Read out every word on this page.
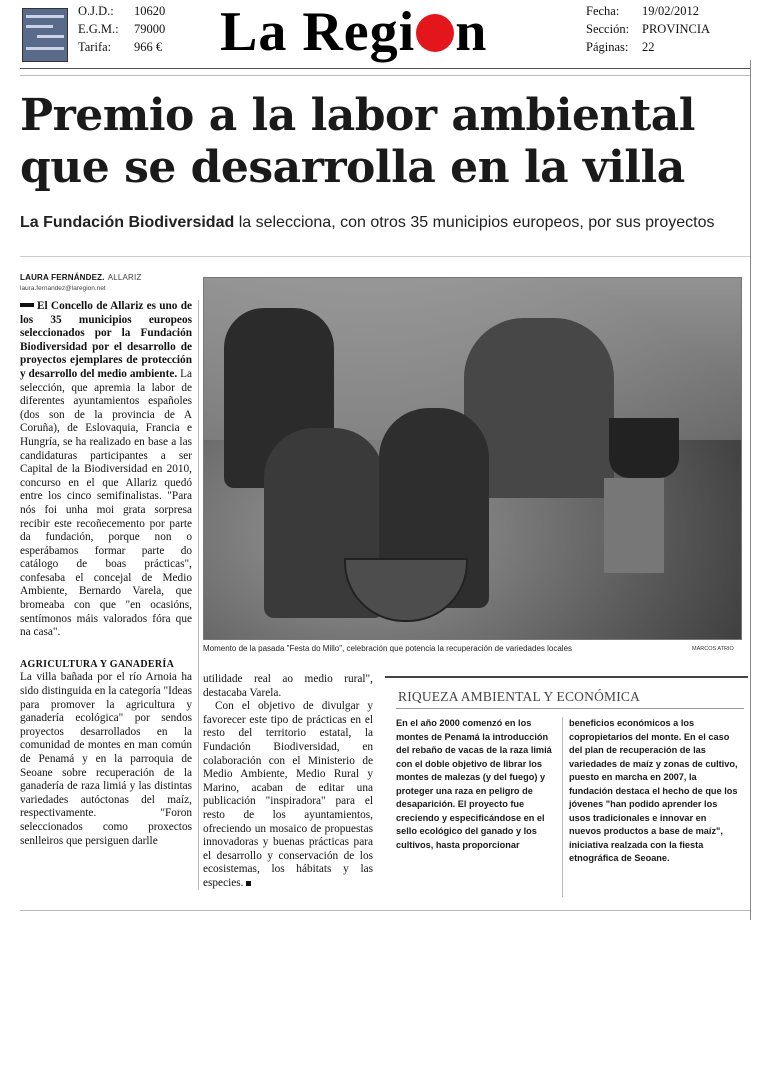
O.J.D.: 10620
E.G.M.: 79000
Tarifa: 966 € La Regi n	Fecha: 19/02/2012
Sección: PROVINCIA
Páginas: 22
Premio a la labor ambiental
que se desarrolla en la villa
La Fundación Biodiversidad la selecciona, con otros 35 municipios europeos, por sus proyectos
LAURA FERNÁNDEZ. ALLARIZ
laura.fernandez@laregion.net

El Concello de Allariz es uno de los 35 municipios europeos seleccionados por la Fundación Biodiversidad por el desarrollo de proyectos ejemplares de protección y desarrollo del medio ambiente. La selección, que apremia la labor de diferentes ayuntamientos españoles (dos son de la provincia de A Coruña), de Eslovaquia, Francia e Hungría, se ha realizado en base a las candidaturas participantes a ser Capital de la Biodiversidad en 2010, concurso en el que Allariz quedó entre los cinco semifinalistas. "Para nós foi unha moi grata sorpresa recibir este recoñecemento por parte da fundación, porque non o esperábamos formar parte do catálogo de boas prácticas", confesaba el concejal de Medio Ambiente, Bernardo Varela, que bromeaba con que "en ocasións, sentímonos máis valorados fóra que na casa".

AGRICULTURA Y GANADERÍA

La villa bañada por el río Arnoia ha sido distinguida en la categoría "Ideas para promover la agricultura y ganadería ecológica" por sendos proyectos desarrollados en la comunidad de montes en man común de Penamá y en la parroquia de Seoane sobre recuperación de la ganadería de raza limiá y las distintas variedades autóctonas del maíz, respectivamente. "Foron seleccionados como proxectos senlleiros que persiguen darlle

Momento de la pasada "Festa do Millo", celebración que potencia la recuperación de variedades locales	MARCOS ATRIO

utilidade real ao medio rural", destacaba Varela.

Con el objetivo de divulgar y favorecer este tipo de prácticas en el resto del territorio estatal, la Fundación Biodiversidad, en colaboración con el Ministerio de Medio Ambiente, Medio Rural y Marino, acaban de editar una publicación "inspiradora" para el resto de los ayuntamientos, ofreciendo un mosaico de propuestas innovadoras y buenas prácticas para el desarrollo y conservación de los ecosistemas, los hábitats y las especies.

RIQUEZA AMBIENTAL Y ECONÓMICA

En el año 2000 comenzó en los montes de Penamá la introducción del rebaño de vacas de la raza limiá con el doble objetivo de librar los montes de malezas (y del fuego) y proteger una raza en peligro de desaparición. El proyecto fue creciendo y especificándose en el sello ecológico del ganado y los cultivos, hasta proporcionar

beneficios económicos a los copropietarios del monte. En el caso del plan de recuperación de las variedades de maíz y zonas de cultivo, puesto en marcha en 2007, la fundación destaca el hecho de que los jóvenes "han podido aprender los usos tradicionales e innovar en nuevos productos a base de maíz", iniciativa realzada con la fiesta etnográfica de Seoane.
